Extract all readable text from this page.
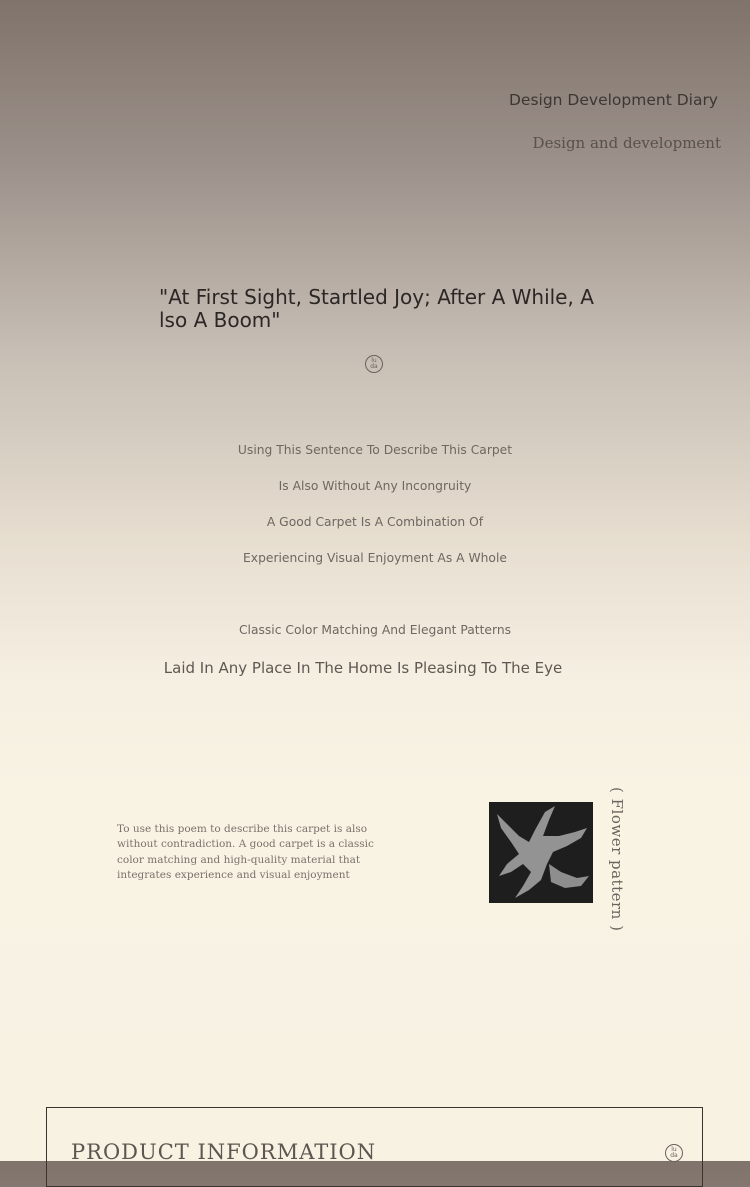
Design Development Diary
Design and development
"At First Sight, Startled Joy; After A While, Also A Boom"
lu
da
Using This Sentence To Describe This Carpet
Is Also Without Any Incongruity
A Good Carpet Is A Combination Of
Experiencing Visual Enjoyment As A Whole
Classic Color Matching And Elegant Patterns
Laid In Any Place In The Home Is Pleasing To The Eye
To use this poem to describe this carpet is also without contradiction. A good carpet is a classic color matching and high-quality material that integrates experience and visual enjoyment	( Flower pattern )
PRODUCT INFORMATION	lu
da
